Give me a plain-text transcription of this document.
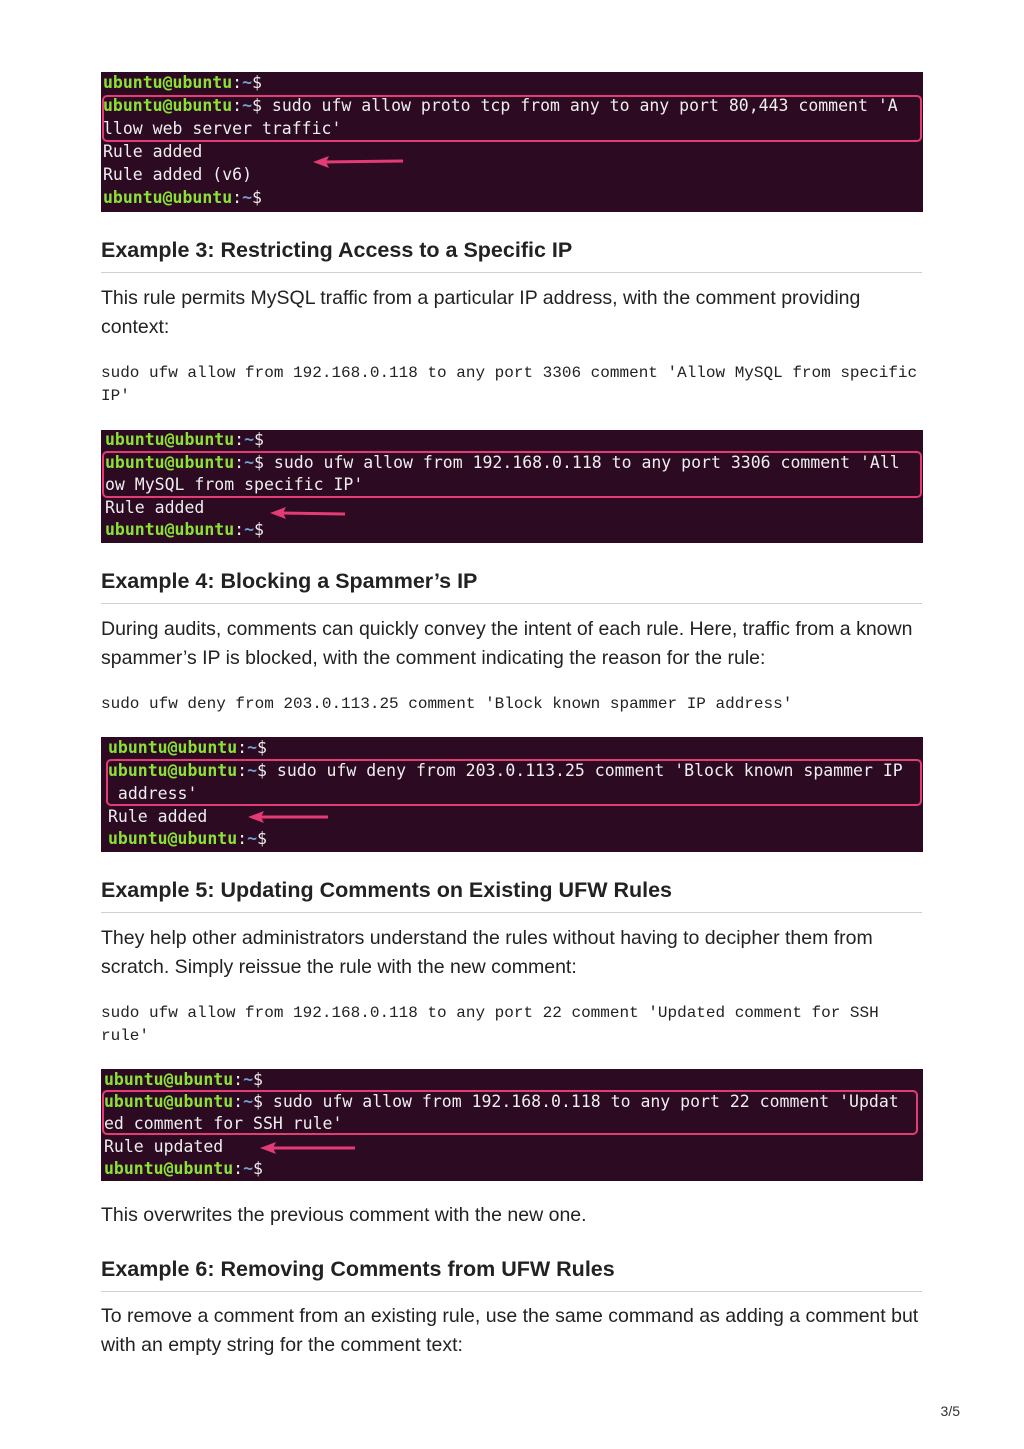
ubuntu@ubuntu:~$
ubuntu@ubuntu:~$ sudo ufw allow proto tcp from any to any port 80,443 comment 'A
llow web server traffic'
Rule added
Rule added (v6)
ubuntu@ubuntu:~$
Example 3: Restricting Access to a Specific IP

This rule permits MySQL traffic from a particular IP address, with the comment providing context:

sudo ufw allow from 192.168.0.118 to any port 3306 comment 'Allow MySQL from specific IP'
ubuntu@ubuntu:~$
ubuntu@ubuntu:~$ sudo ufw allow from 192.168.0.118 to any port 3306 comment 'All
ow MySQL from specific IP'
Rule added
ubuntu@ubuntu:~$
Example 4: Blocking a Spammer’s IP

During audits, comments can quickly convey the intent of each rule. Here, traffic from a known spammer’s IP is blocked, with the comment indicating the reason for the rule:

sudo ufw deny from 203.0.113.25 comment 'Block known spammer IP address'
ubuntu@ubuntu:~$
ubuntu@ubuntu:~$ sudo ufw deny from 203.0.113.25 comment 'Block known spammer IP
address'
Rule added
ubuntu@ubuntu:~$
Example 5: Updating Comments on Existing UFW Rules

They help other administrators understand the rules without having to decipher them from scratch. Simply reissue the rule with the new comment:

sudo ufw allow from 192.168.0.118 to any port 22 comment 'Updated comment for SSH rule'
ubuntu@ubuntu:~$
ubuntu@ubuntu:~$ sudo ufw allow from 192.168.0.118 to any port 22 comment 'Updat
ed comment for SSH rule'
Rule updated
ubuntu@ubuntu:~$

This overwrites the previous comment with the new one.

Example 6: Removing Comments from UFW Rules

To remove a comment from an existing rule, use the same command as adding a comment but with an empty string for the comment text:

3/5
